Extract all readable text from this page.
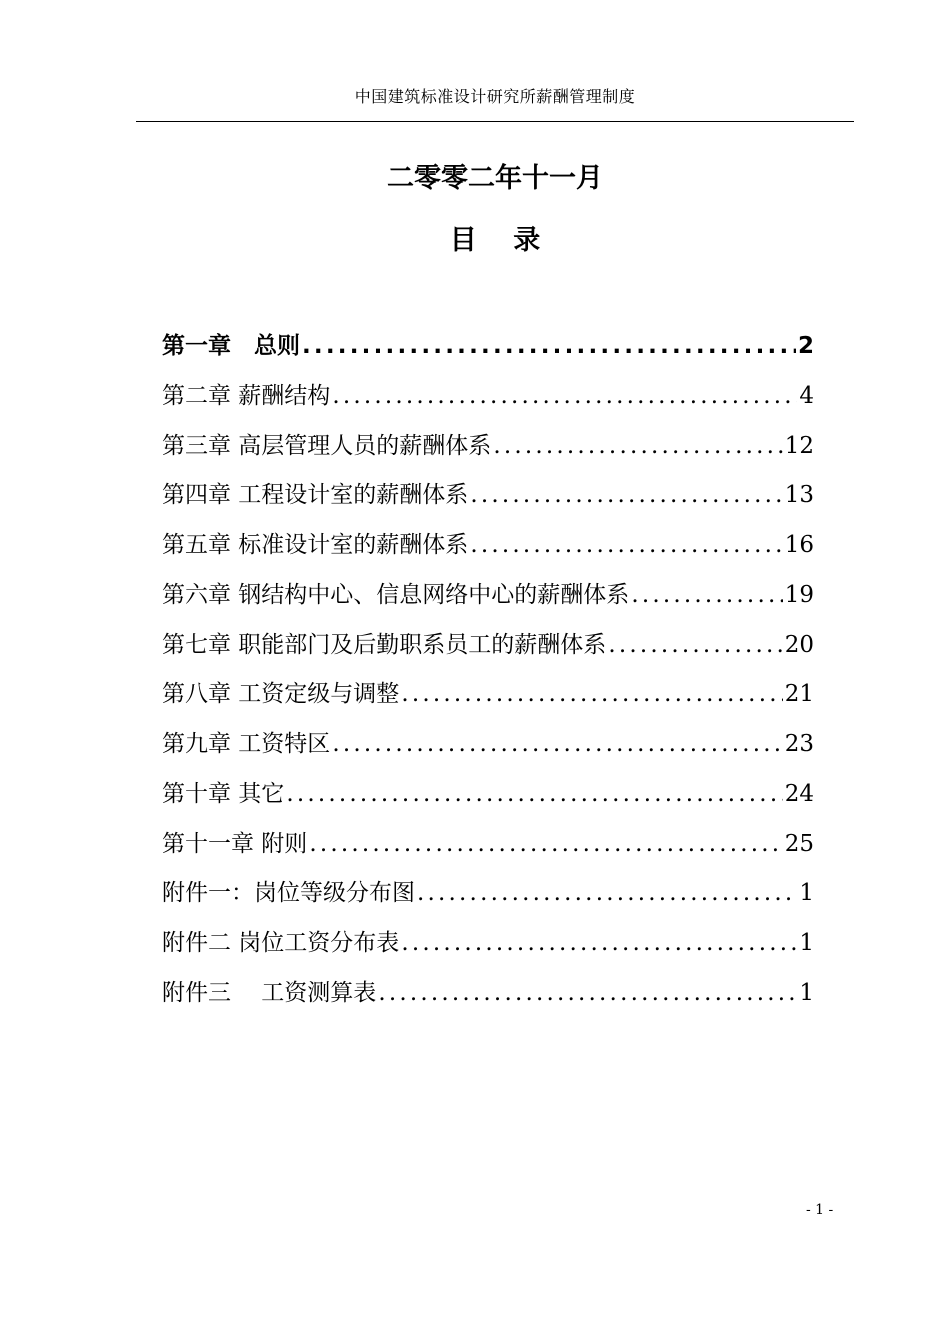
中国建筑标准设计研究所薪酬管理制度
二零零二年十一月
目　 录
第一章　总则 .....	2
第二章 薪酬结构 .....	4
第三章 高层管理人员的薪酬体系 .....	12
第四章 工程设计室的薪酬体系 .....	13
第五章 标准设计室的薪酬体系 .....	16
第六章 钢结构中心、信息网络中心的薪酬体系 .....	19
第七章 职能部门及后勤职系员工的薪酬体系 .....	20
第八章 工资定级与调整 .....	21
第九章 工资特区 .....	23
第十章 其它 .....	24
第十一章 附则 .....	25
附件一：岗位等级分布图 .....	1
附件二 岗位工资分布表 .....	1
附件三　 工资测算表 .....	1
- 1 -
